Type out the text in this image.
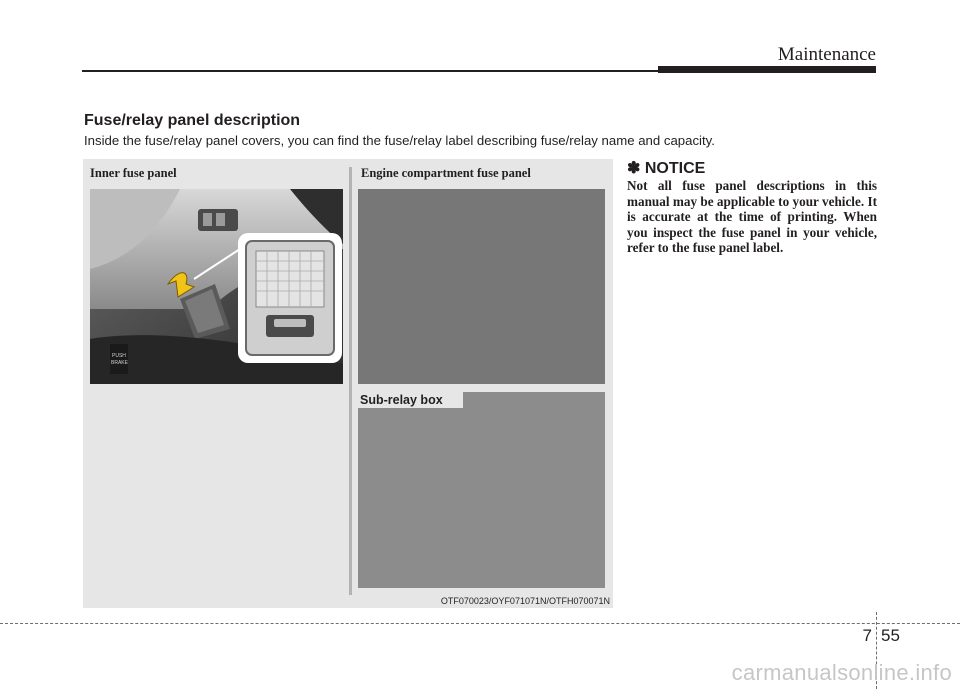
Maintenance
Fuse/relay panel description
Inside the fuse/relay panel covers, you can find the fuse/relay label describing fuse/relay name and capacity.
Inner fuse panel	Engine compartment fuse panel
PUSH
BRAKE
Sub-relay box
OTF070023/OYF071071N/OTFH070071N
✽ NOTICE

Not all fuse panel descriptions in this manual may be applicable to your vehicle. It is accurate at the time of printing. When you inspect the fuse panel in your vehicle, refer to the fuse panel label.

7 55
carmanualsonline.info
